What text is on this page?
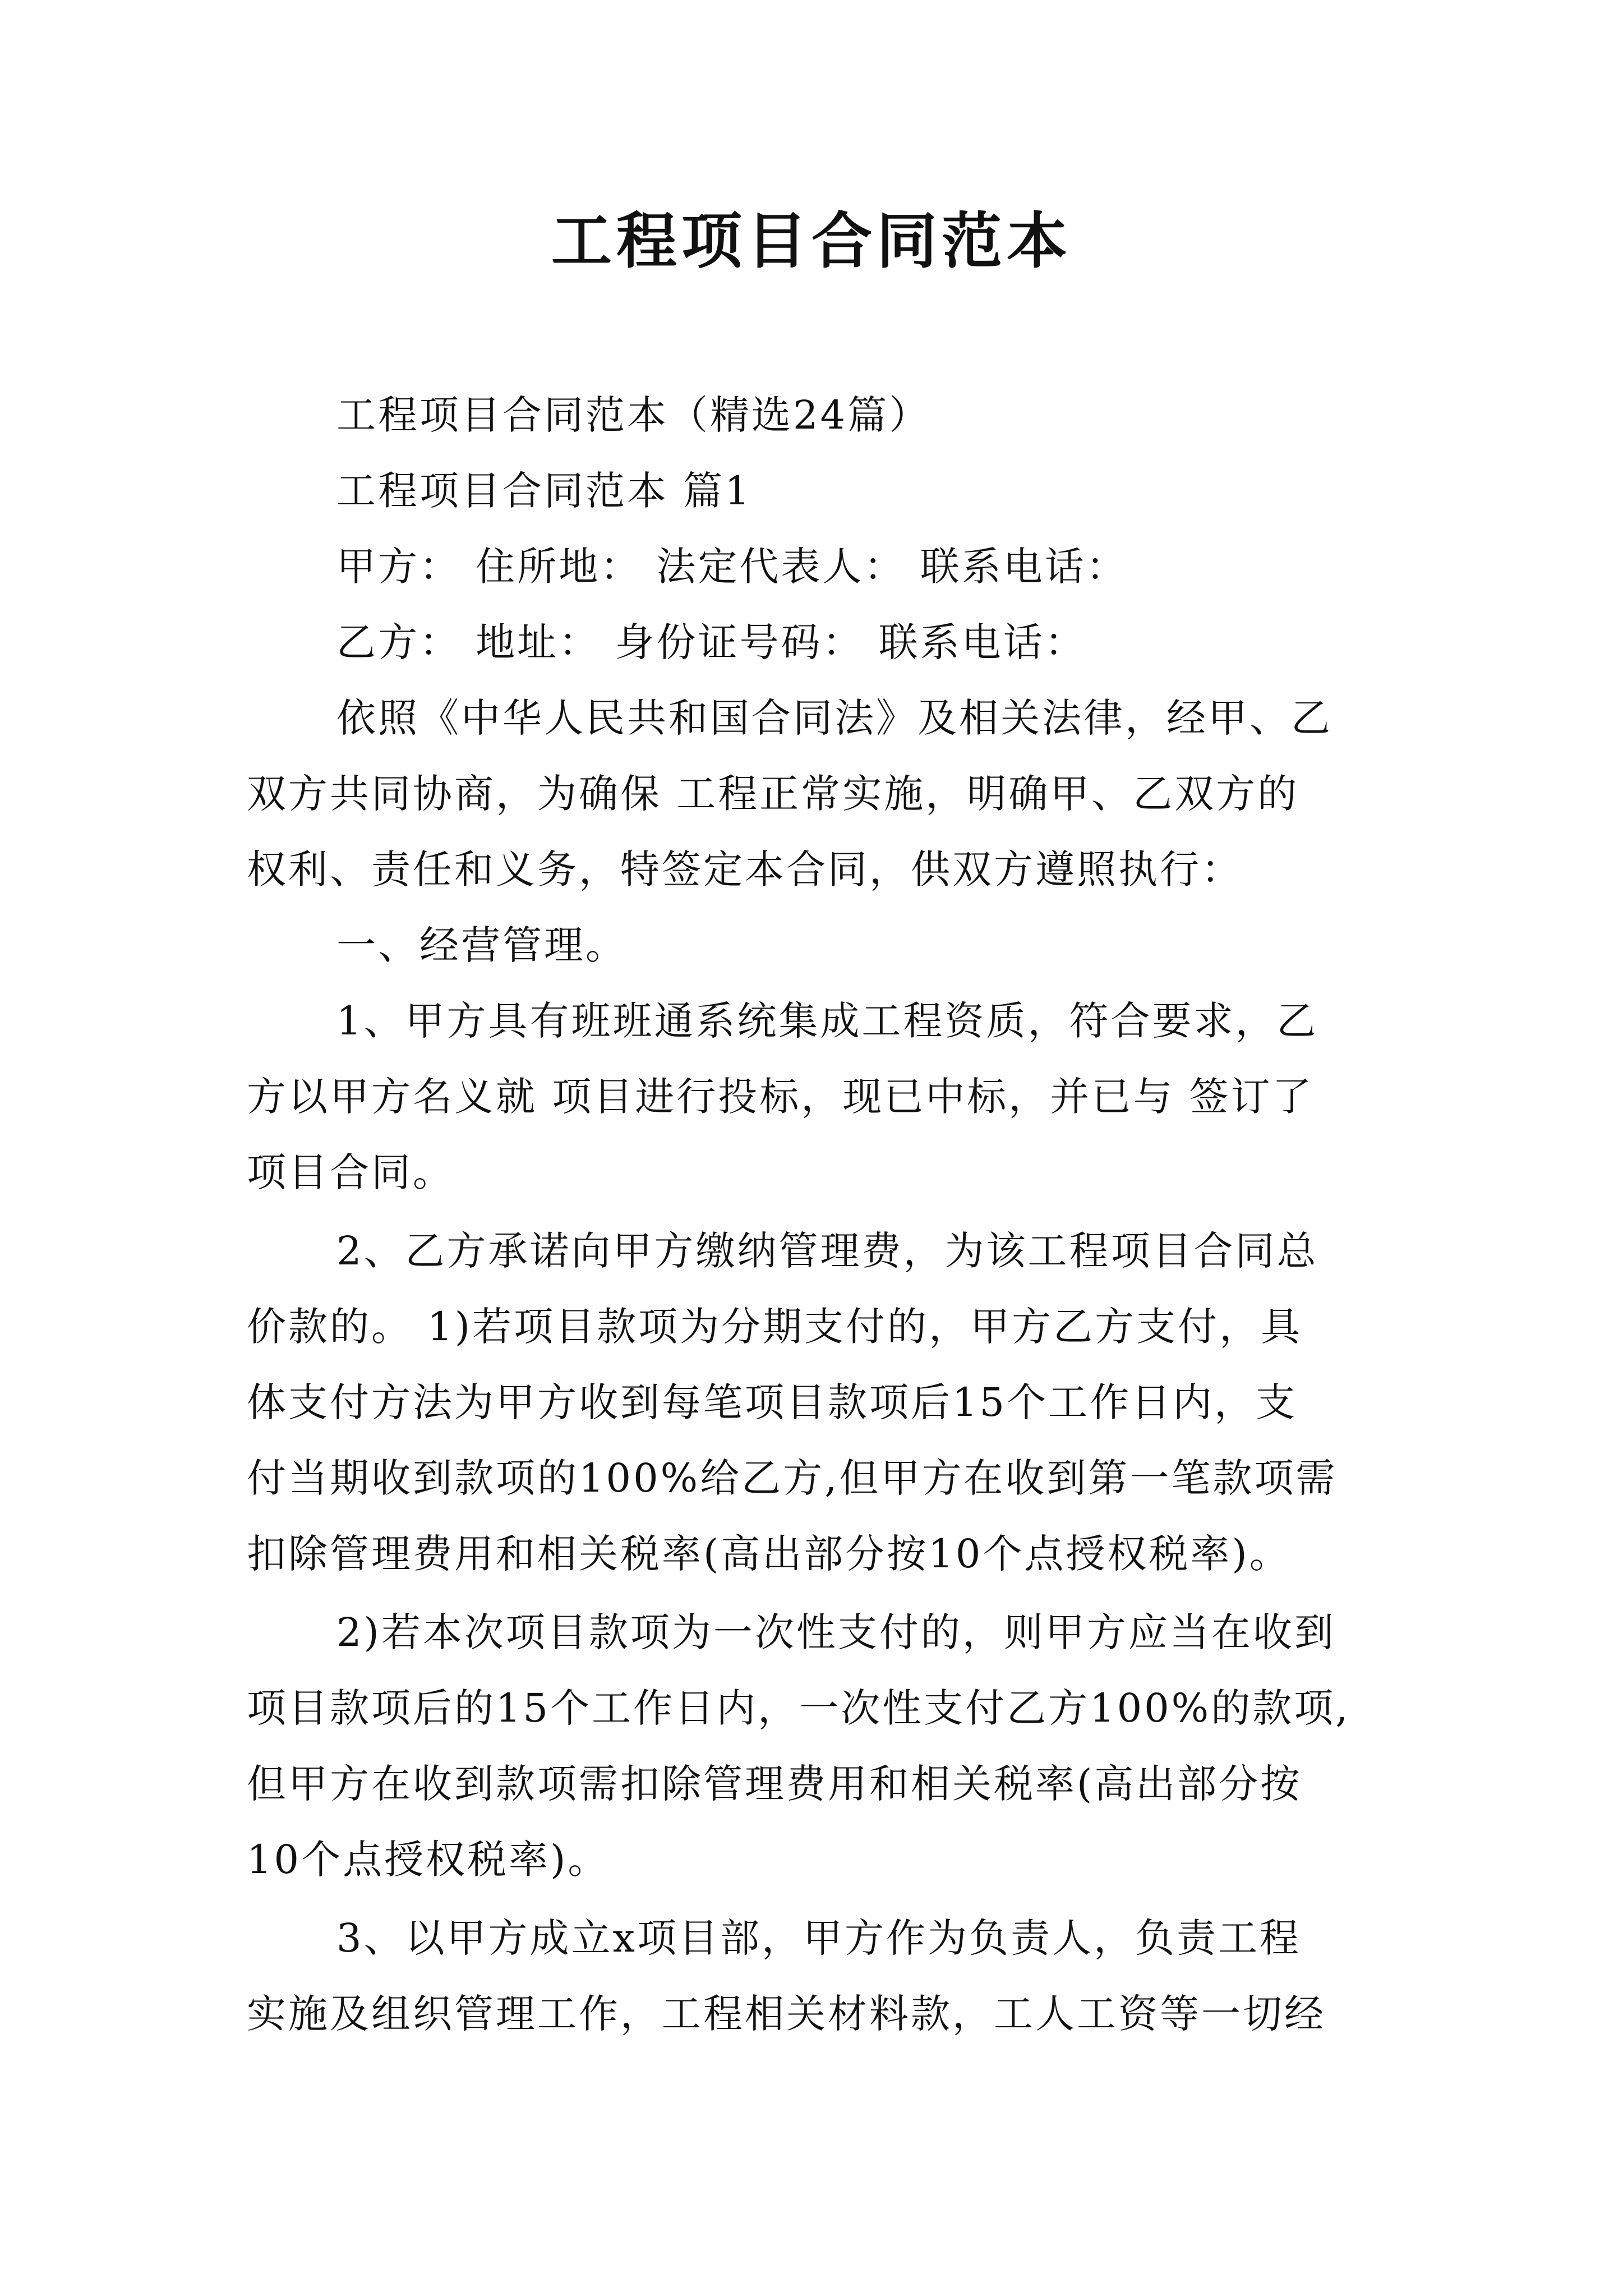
工程项目合同范本
工程项目合同范本（精选24篇）
工程项目合同范本 篇1
甲方： 住所地： 法定代表人： 联系电话：
乙方： 地址： 身份证号码： 联系电话：
依照《中华人民共和国合同法》及相关法律，经甲、乙
双方共同协商，为确保 工程正常实施，明确甲、乙双方的
权利、责任和义务，特签定本合同，供双方遵照执行：
一、经营管理。
1、甲方具有班班通系统集成工程资质，符合要求，乙
方以甲方名义就 项目进行投标，现已中标，并已与 签订了
项目合同。
2、乙方承诺向甲方缴纳管理费，为该工程项目合同总
价款的。 1)若项目款项为分期支付的，甲方乙方支付，具
体支付方法为甲方收到每笔项目款项后15个工作日内，支
付当期收到款项的100%给乙方,但甲方在收到第一笔款项需
扣除管理费用和相关税率(高出部分按10个点授权税率)。
2)若本次项目款项为一次性支付的，则甲方应当在收到
项目款项后的15个工作日内，一次性支付乙方100%的款项,
但甲方在收到款项需扣除管理费用和相关税率(高出部分按
10个点授权税率)。
3、以甲方成立x项目部，甲方作为负责人，负责工程
实施及组织管理工作，工程相关材料款，工人工资等一切经
